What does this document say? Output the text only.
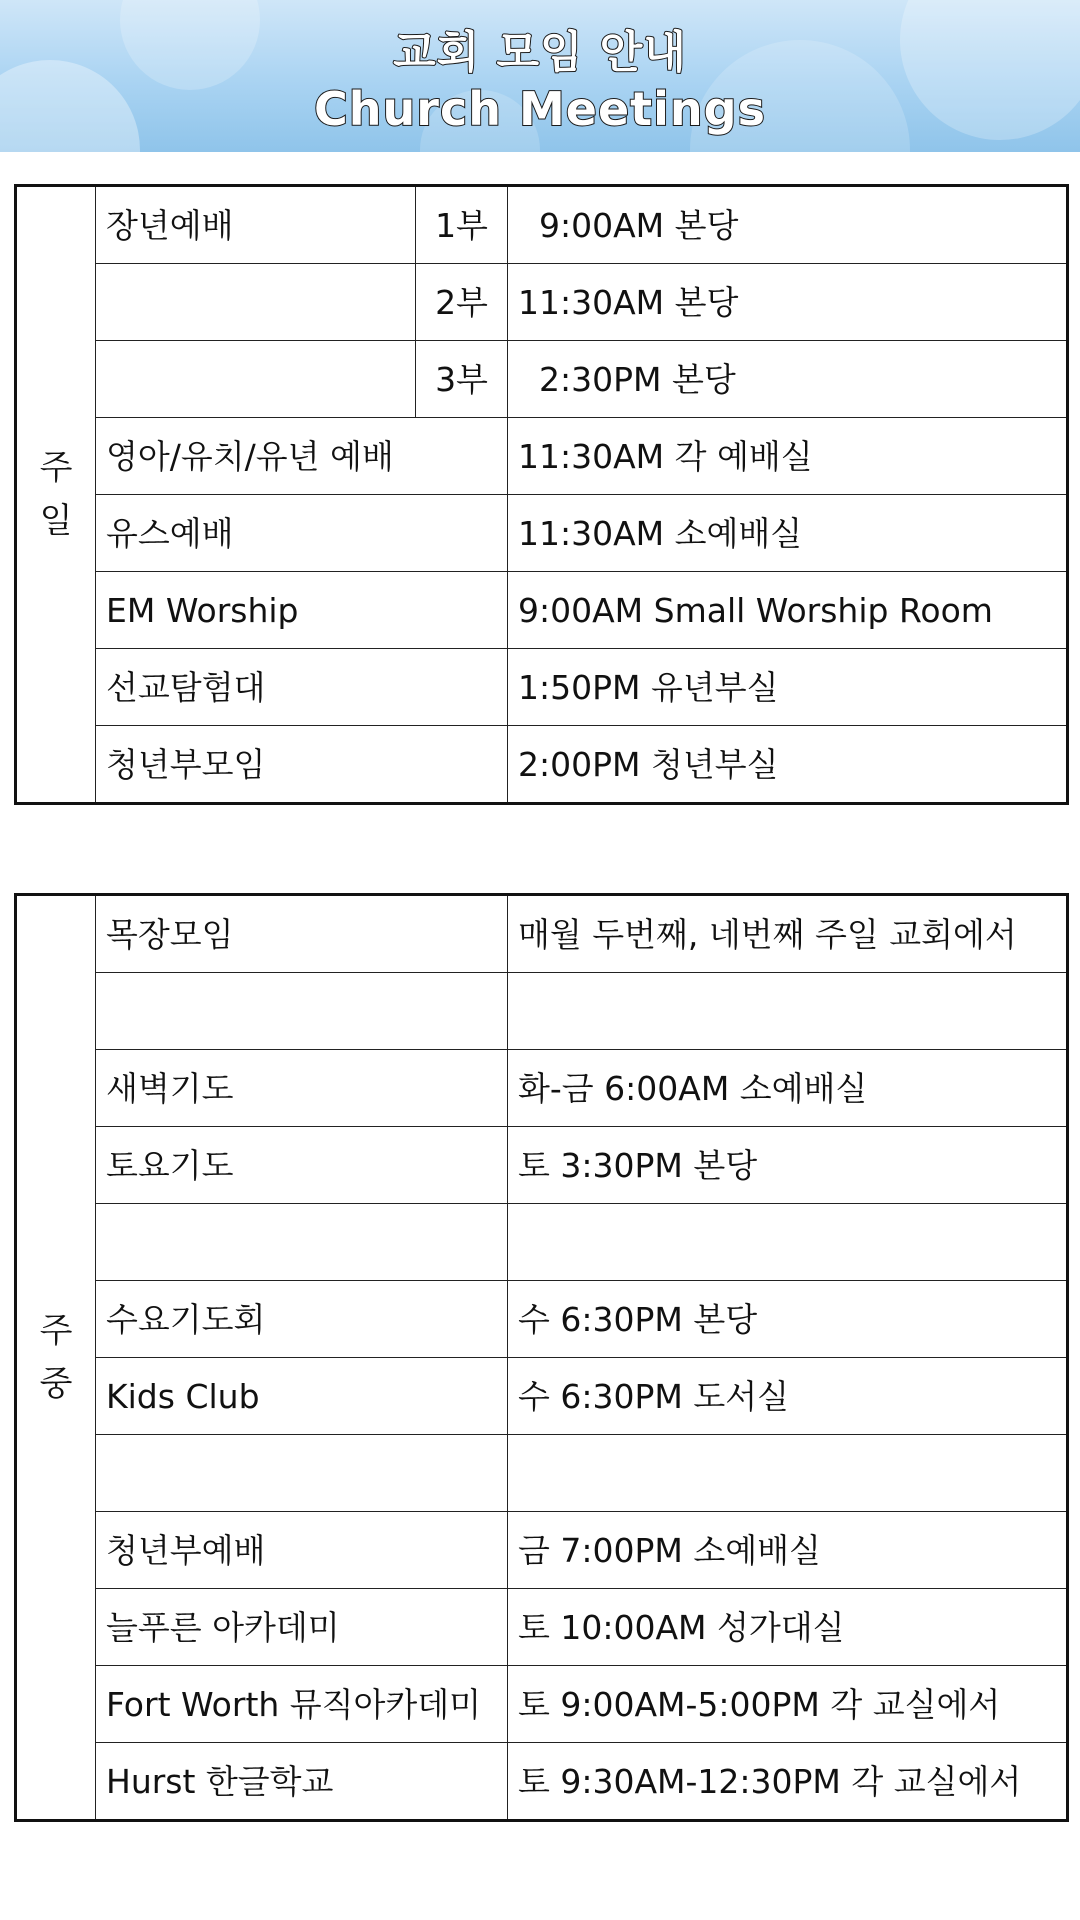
교회 모임 안내
Church Meetings
주일	장년예배	1부	9:00AM 본당
		2부	11:30AM 본당
		3부	2:30PM 본당
	영아/유치/유년 예배		11:30AM 각 예배실
	유스예배		11:30AM 소예배실
	EM Worship		9:00AM Small Worship Room
	선교탐험대		1:50PM 유년부실
	청년부모임		2:00PM 청년부실
주중	목장모임	매월 두번째, 네번째 주일 교회에서

	새벽기도	화-금 6:00AM 소예배실
	토요기도	토 3:30PM 본당

	수요기도회	수 6:30PM 본당
	Kids Club	수 6:30PM 도서실

	청년부예배	금 7:00PM 소예배실
	늘푸른 아카데미	토 10:00AM 성가대실
	Fort Worth 뮤직아카데미	토 9:00AM-5:00PM 각 교실에서
	Hurst 한글학교	토 9:30AM-12:30PM 각 교실에서
